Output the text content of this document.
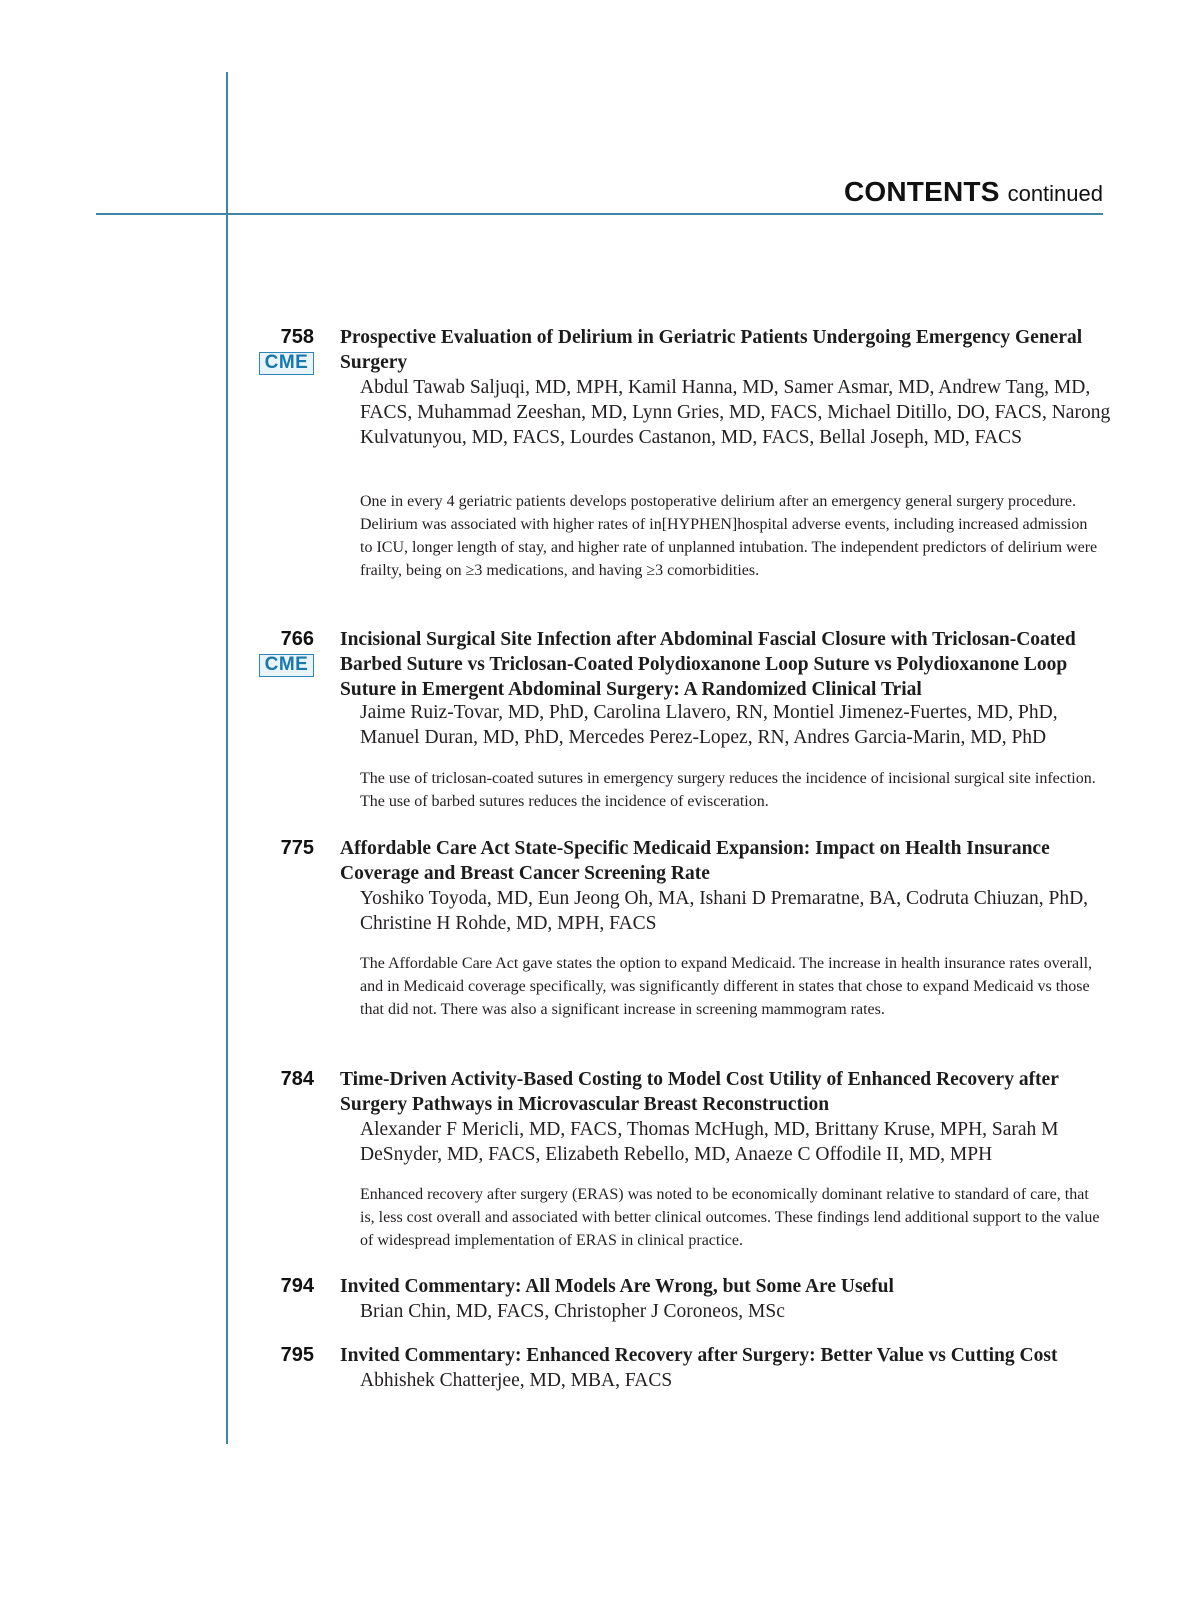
CONTENTS continued
758
CME
Prospective Evaluation of Delirium in Geriatric Patients Undergoing Emergency General Surgery
Abdul Tawab Saljuqi, MD, MPH, Kamil Hanna, MD, Samer Asmar, MD, Andrew Tang, MD, FACS, Muhammad Zeeshan, MD, Lynn Gries, MD, FACS, Michael Ditillo, DO, FACS, Narong Kulvatunyou, MD, FACS, Lourdes Castanon, MD, FACS, Bellal Joseph, MD, FACS
One in every 4 geriatric patients develops postoperative delirium after an emergency general surgery procedure. Delirium was associated with higher rates of in[HYPHEN]hospital adverse events, including increased admission to ICU, longer length of stay, and higher rate of unplanned intubation. The independent predictors of delirium were frailty, being on ≥3 medications, and having ≥3 comorbidities.
766
CME
Incisional Surgical Site Infection after Abdominal Fascial Closure with Triclosan-Coated Barbed Suture vs Triclosan-Coated Polydioxanone Loop Suture vs Polydioxanone Loop Suture in Emergent Abdominal Surgery: A Randomized Clinical Trial
Jaime Ruiz-Tovar, MD, PhD, Carolina Llavero, RN, Montiel Jimenez-Fuertes, MD, PhD, Manuel Duran, MD, PhD, Mercedes Perez-Lopez, RN, Andres Garcia-Marin, MD, PhD
The use of triclosan-coated sutures in emergency surgery reduces the incidence of incisional surgical site infection. The use of barbed sutures reduces the incidence of evisceration.
775 Affordable Care Act State-Specific Medicaid Expansion: Impact on Health Insurance Coverage and Breast Cancer Screening Rate
Yoshiko Toyoda, MD, Eun Jeong Oh, MA, Ishani D Premaratne, BA, Codruta Chiuzan, PhD, Christine H Rohde, MD, MPH, FACS
The Affordable Care Act gave states the option to expand Medicaid. The increase in health insurance rates overall, and in Medicaid coverage specifically, was significantly different in states that chose to expand Medicaid vs those that did not. There was also a significant increase in screening mammogram rates.
784 Time-Driven Activity-Based Costing to Model Cost Utility of Enhanced Recovery after Surgery Pathways in Microvascular Breast Reconstruction
Alexander F Mericli, MD, FACS, Thomas McHugh, MD, Brittany Kruse, MPH, Sarah M DeSnyder, MD, FACS, Elizabeth Rebello, MD, Anaeze C Offodile II, MD, MPH
Enhanced recovery after surgery (ERAS) was noted to be economically dominant relative to standard of care, that is, less cost overall and associated with better clinical outcomes. These findings lend additional support to the value of widespread implementation of ERAS in clinical practice.
794 Invited Commentary: All Models Are Wrong, but Some Are Useful
Brian Chin, MD, FACS, Christopher J Coroneos, MSc
795 Invited Commentary: Enhanced Recovery after Surgery: Better Value vs Cutting Cost
Abhishek Chatterjee, MD, MBA, FACS
